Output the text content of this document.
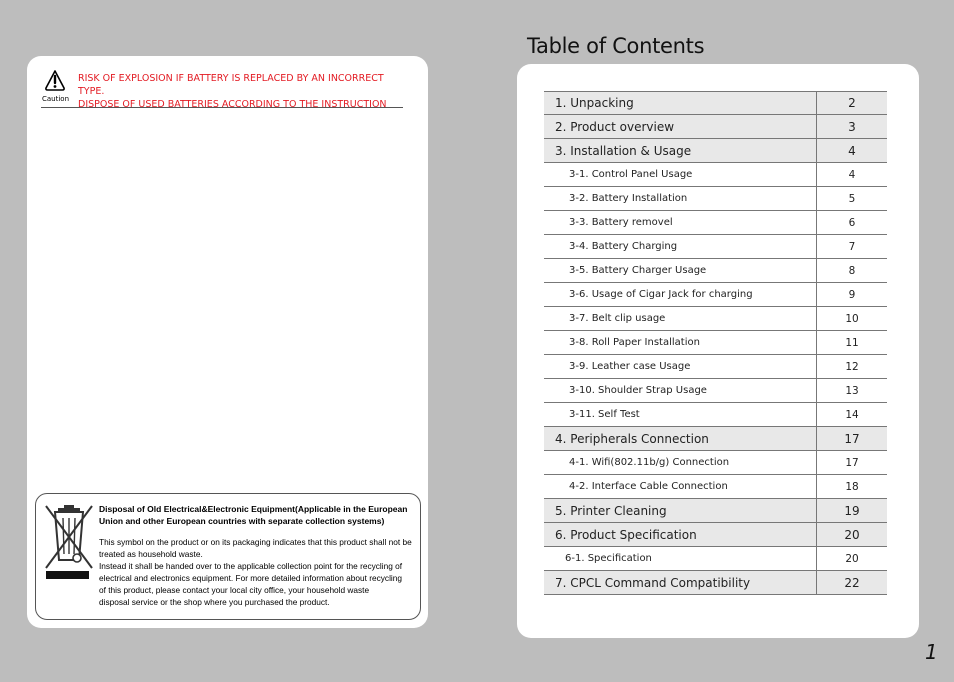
Caution
RISK OF EXPLOSION IF BATTERY IS REPLACED BY AN INCORRECT TYPE.
DISPOSE OF USED BATTERIES ACCORDING TO THE INSTRUCTION
Disposal of Old Electrical&Electronic Equipment(Applicable in the European
Union and other European countries with separate collection systems)
This symbol on the product or on its packaging indicates that this product shall not be
treated as household waste.
Instead it shall be handed over to the applicable collection point for the recycling of
electrical and electronics equipment. For more detailed information about recycling
of this product, please contact your local city office, your household waste
disposal service or the shop where you purchased the product.
Table of Contents
1. Unpacking	2
2. Product overview	3
3. Installation & Usage	4
3-1. Control Panel Usage	4
3-2. Battery Installation	5
3-3. Battery removel	6
3-4. Battery Charging	7
3-5. Battery Charger Usage	8
3-6. Usage of Cigar Jack for charging	9
3-7. Belt clip usage	10
3-8. Roll Paper Installation	11
3-9. Leather case Usage	12
3-10. Shoulder Strap Usage	13
3-11. Self Test	14
4. Peripherals Connection	17
4-1. Wifi(802.11b/g) Connection	17
4-2. Interface Cable Connection	18
5. Printer Cleaning	19
6. Product Specification	20
6-1. Specification	20
7. CPCL Command Compatibility	22
1
